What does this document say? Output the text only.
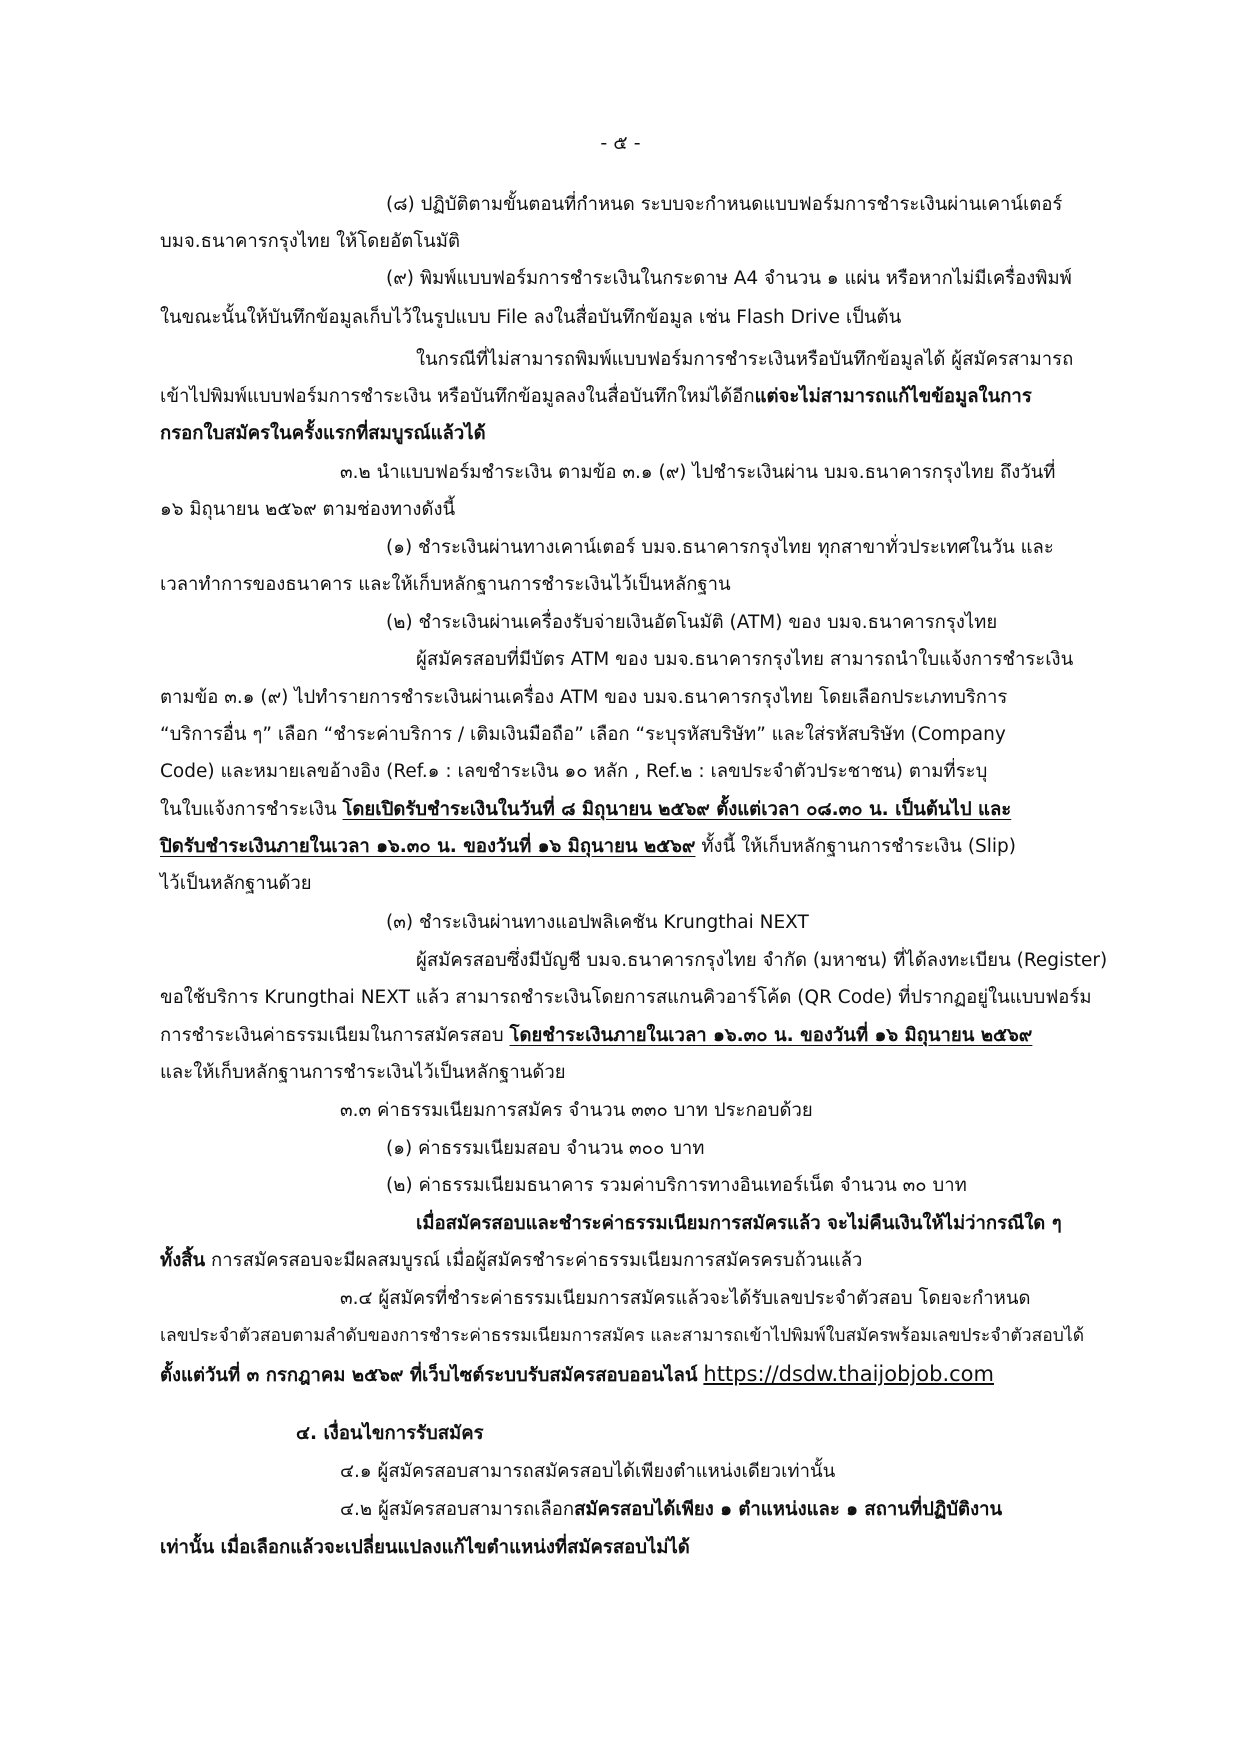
- ๕ -
(๘) ปฏิบัติตามขั้นตอนที่กำหนด ระบบจะกำหนดแบบฟอร์มการชำระเงินผ่านเคาน์เตอร์
บมจ.ธนาคารกรุงไทย ให้โดยอัตโนมัติ
(๙) พิมพ์แบบฟอร์มการชำระเงินในกระดาษ A4 จำนวน ๑ แผ่น หรือหากไม่มีเครื่องพิมพ์
ในขณะนั้นให้บันทึกข้อมูลเก็บไว้ในรูปแบบ File ลงในสื่อบันทึกข้อมูล เช่น Flash Drive เป็นต้น
ในกรณีที่ไม่สามารถพิมพ์แบบฟอร์มการชำระเงินหรือบันทึกข้อมูลได้ ผู้สมัครสามารถ
เข้าไปพิมพ์แบบฟอร์มการชำระเงิน หรือบันทึกข้อมูลลงในสื่อบันทึกใหม่ได้อีกแต่จะไม่สามารถแก้ไขข้อมูลในการ
กรอกใบสมัครในครั้งแรกที่สมบูรณ์แล้วได้
๓.๒ นำแบบฟอร์มชำระเงิน ตามข้อ ๓.๑ (๙) ไปชำระเงินผ่าน บมจ.ธนาคารกรุงไทย ถึงวันที่
๑๖ มิถุนายน ๒๕๖๙ ตามช่องทางดังนี้
(๑) ชำระเงินผ่านทางเคาน์เตอร์ บมจ.ธนาคารกรุงไทย ทุกสาขาทั่วประเทศในวัน และ
เวลาทำการของธนาคาร และให้เก็บหลักฐานการชำระเงินไว้เป็นหลักฐาน
(๒) ชำระเงินผ่านเครื่องรับจ่ายเงินอัตโนมัติ (ATM) ของ บมจ.ธนาคารกรุงไทย
ผู้สมัครสอบที่มีบัตร ATM ของ บมจ.ธนาคารกรุงไทย สามารถนำใบแจ้งการชำระเงิน
ตามข้อ ๓.๑ (๙) ไปทำรายการชำระเงินผ่านเครื่อง ATM ของ บมจ.ธนาคารกรุงไทย โดยเลือกประเภทบริการ
“บริการอื่น ๆ” เลือก “ชำระค่าบริการ / เติมเงินมือถือ” เลือก “ระบุรหัสบริษัท” และใส่รหัสบริษัท (Company
Code) และหมายเลขอ้างอิง (Ref.๑ : เลขชำระเงิน ๑๐ หลัก , Ref.๒ : เลขประจำตัวประชาชน) ตามที่ระบุ
ในใบแจ้งการชำระเงิน โดยเปิดรับชำระเงินในวันที่ ๘ มิถุนายน ๒๕๖๙ ตั้งแต่เวลา ๐๘.๓๐ น. เป็นต้นไป และ
ปิดรับชำระเงินภายในเวลา ๑๖.๓๐ น. ของวันที่ ๑๖ มิถุนายน ๒๕๖๙ ทั้งนี้ ให้เก็บหลักฐานการชำระเงิน (Slip)
ไว้เป็นหลักฐานด้วย
(๓) ชำระเงินผ่านทางแอปพลิเคชัน Krungthai NEXT
ผู้สมัครสอบซึ่งมีบัญชี บมจ.ธนาคารกรุงไทย จำกัด (มหาชน) ที่ได้ลงทะเบียน (Register)
ขอใช้บริการ Krungthai NEXT แล้ว สามารถชำระเงินโดยการสแกนคิวอาร์โค้ด (QR Code) ที่ปรากฏอยู่ในแบบฟอร์ม
การชำระเงินค่าธรรมเนียมในการสมัครสอบ โดยชำระเงินภายในเวลา ๑๖.๓๐ น. ของวันที่ ๑๖ มิถุนายน ๒๕๖๙
และให้เก็บหลักฐานการชำระเงินไว้เป็นหลักฐานด้วย
๓.๓ ค่าธรรมเนียมการสมัคร จำนวน ๓๓๐ บาท ประกอบด้วย
(๑) ค่าธรรมเนียมสอบ จำนวน ๓๐๐ บาท
(๒) ค่าธรรมเนียมธนาคาร รวมค่าบริการทางอินเทอร์เน็ต จำนวน ๓๐ บาท
เมื่อสมัครสอบและชำระค่าธรรมเนียมการสมัครแล้ว จะไม่คืนเงินให้ไม่ว่ากรณีใด ๆ
ทั้งสิ้น การสมัครสอบจะมีผลสมบูรณ์ เมื่อผู้สมัครชำระค่าธรรมเนียมการสมัครครบถ้วนแล้ว
๓.๔ ผู้สมัครที่ชำระค่าธรรมเนียมการสมัครแล้วจะได้รับเลขประจำตัวสอบ โดยจะกำหนด
เลขประจำตัวสอบตามลำดับของการชำระค่าธรรมเนียมการสมัคร และสามารถเข้าไปพิมพ์ใบสมัครพร้อมเลขประจำตัวสอบได้
ตั้งแต่วันที่ ๓ กรกฎาคม ๒๕๖๙ ที่เว็บไซต์ระบบรับสมัครสอบออนไลน์ https://dsdw.thaijobjob.com
๔. เงื่อนไขการรับสมัคร
๔.๑ ผู้สมัครสอบสามารถสมัครสอบได้เพียงตำแหน่งเดียวเท่านั้น
๔.๒ ผู้สมัครสอบสามารถเลือกสมัครสอบได้เพียง ๑ ตำแหน่งและ ๑ สถานที่ปฏิบัติงาน
เท่านั้น เมื่อเลือกแล้วจะเปลี่ยนแปลงแก้ไขตำแหน่งที่สมัครสอบไม่ได้
